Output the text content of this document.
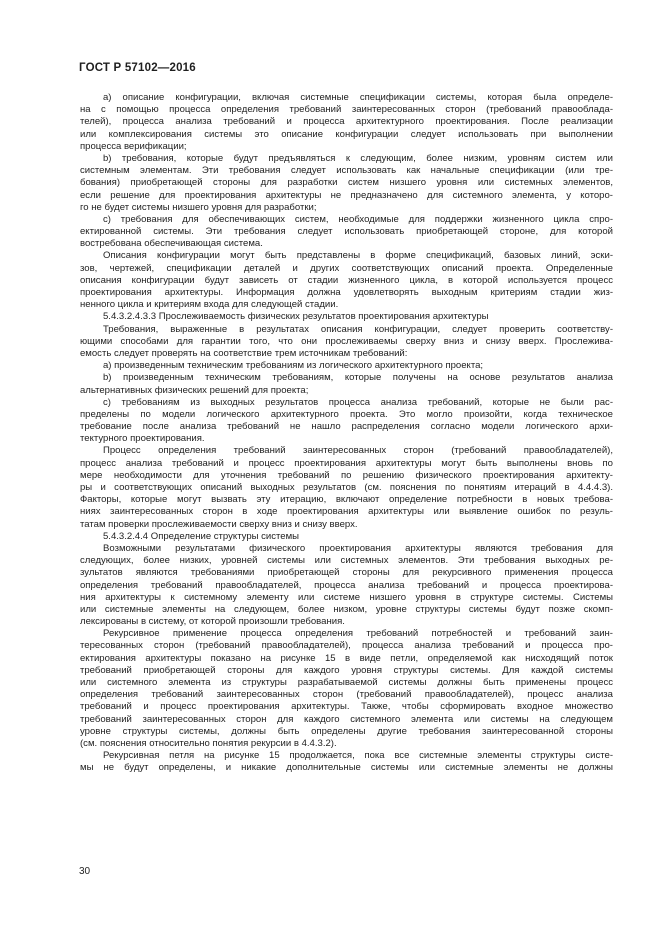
ГОСТ Р 57102—2016
а) описание конфигурации, включая системные спецификации системы, которая была определе-
на с помощью процесса определения требований заинтересованных сторон (требований правооблада-
телей), процесса анализа требований и процесса архитектурного проектирования. После реализации
или комплексирования системы это описание конфигурации следует использовать при выполнении
процесса верификации;
b) требования, которые будут предъявляться к следующим, более низким, уровням систем или
системным элементам. Эти требования следует использовать как начальные спецификации (или тре-
бования) приобретающей стороны для разработки систем низшего уровня или системных элементов,
если решение для проектирования архитектуры не предназначено для системного элемента, у которо-
го не будет системы низшего уровня для разработки;
с) требования для обеспечивающих систем, необходимые для поддержки жизненного цикла спро-
ектированной системы. Эти требования следует использовать приобретающей стороне, для которой
востребована обеспечивающая система.
Описания конфигурации могут быть представлены в форме спецификаций, базовых линий, эски-
зов, чертежей, спецификации деталей и других соответствующих описаний проекта. Определенные
описания конфигурации будут зависеть от стадии жизненного цикла, в которой используется процесс
проектирования архитектуры. Информация должна удовлетворять выходным критериям стадии жиз-
ненного цикла и критериям входа для следующей стадии.
5.4.3.2.4.3.3 Прослеживаемость физических результатов проектирования архитектуры
Требования, выраженные в результатах описания конфигурации, следует проверить соответству-
ющими способами для гарантии того, что они прослеживаемы сверху вниз и снизу вверх. Прослежива-
емость следует проверять на соответствие трем источникам требований:
а) произведенным техническим требованиям из логического архитектурного проекта;
b) произведенным техническим требованиям, которые получены на основе результатов анализа
альтернативных физических решений для проекта;
с) требованиям из выходных результатов процесса анализа требований, которые не были рас-
пределены по модели логического архитектурного проекта. Это могло произойти, когда техническое
требование после анализа требований не нашло распределения согласно модели логического архи-
тектурного проектирования.
Процесс определения требований заинтересованных сторон (требований правообладателей),
процесс анализа требований и процесс проектирования архитектуры могут быть выполнены вновь по
мере необходимости для уточнения требований по решению физического проектирования архитекту-
ры и соответствующих описаний выходных результатов (см. пояснения по понятиям итераций в 4.4.4.3).
Факторы, которые могут вызвать эту итерацию, включают определение потребности в новых требова-
ниях заинтересованных сторон в ходе проектирования архитектуры или выявление ошибок по резуль-
татам проверки прослеживаемости сверху вниз и снизу вверх.
5.4.3.2.4.4 Определение структуры системы
Возможными результатами физического проектирования архитектуры являются требования для
следующих, более низких, уровней системы или системных элементов. Эти требования выходных ре-
зультатов являются требованиями приобретающей стороны для рекурсивного применения процесса
определения требований правообладателей, процесса анализа требований и процесса проектирова-
ния архитектуры к системному элементу или системе низшего уровня в структуре системы. Системы
или системные элементы на следующем, более низком, уровне структуры системы будут позже скомп-
лексированы в систему, от которой произошли требования.
Рекурсивное применение процесса определения требований потребностей и требований заин-
тересованных сторон (требований правообладателей), процесса анализа требований и процесса про-
ектирования архитектуры показано на рисунке 15 в виде петли, определяемой как нисходящий поток
требований приобретающей стороны для каждого уровня структуры системы. Для каждой системы
или системного элемента из структуры разрабатываемой системы должны быть применены процесс
определения требований заинтересованных сторон (требований правообладателей), процесс анализа
требований и процесс проектирования архитектуры. Также, чтобы сформировать входное множество
требований заинтересованных сторон для каждого системного элемента или системы на следующем
уровне структуры системы, должны быть определены другие требования заинтересованной стороны
(см. пояснения относительно понятия рекурсии в 4.4.3.2).
Рекурсивная петля на рисунке 15 продолжается, пока все системные элементы структуры систе-
мы не будут определены, и никакие дополнительные системы или системные элементы не должны
30
